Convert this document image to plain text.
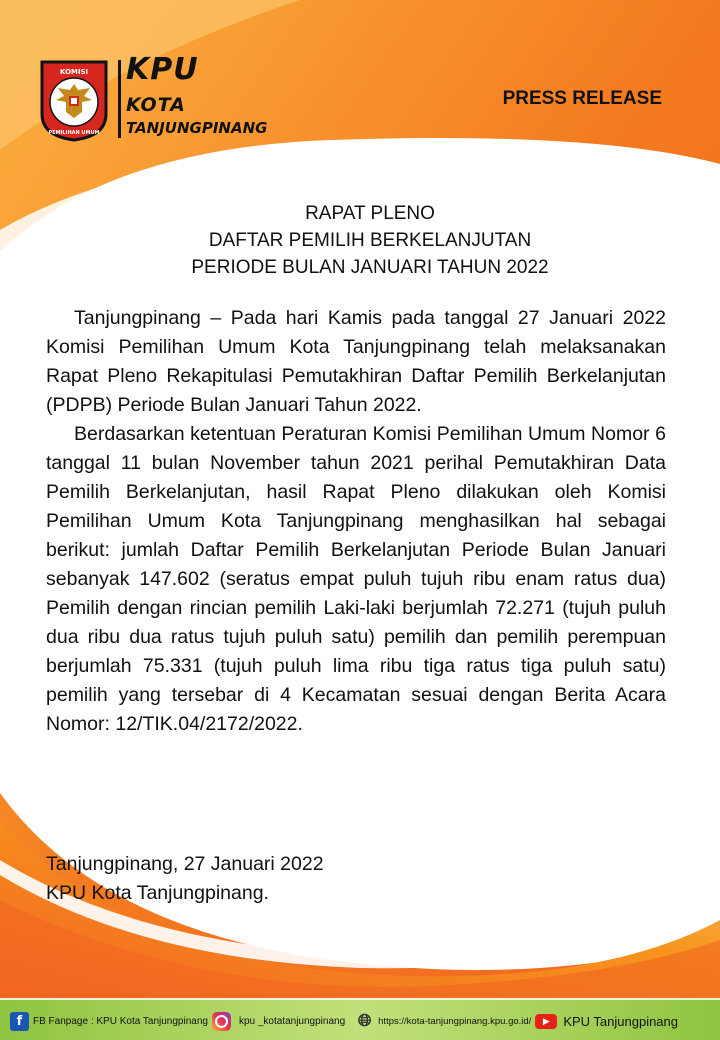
KOMISI
PEMILIHAN UMUM
KPU
KOTA
TANJUNGPINANG
PRESS RELEASE
RAPAT PLENO
DAFTAR PEMILIH BERKELANJUTAN
PERIODE BULAN JANUARI TAHUN 2022

Tanjungpinang – Pada hari Kamis pada tanggal 27 Januari 2022 Komisi Pemilihan Umum Kota Tanjungpinang telah melaksanakan Rapat Pleno Rekapitulasi Pemutakhiran Daftar Pemilih Berkelanjutan (PDPB) Periode Bulan Januari Tahun 2022.

Berdasarkan ketentuan Peraturan Komisi Pemilihan Umum Nomor 6 tanggal 11 bulan November tahun 2021 perihal Pemutakhiran Data Pemilih Berkelanjutan, hasil Rapat Pleno dilakukan oleh Komisi Pemilihan Umum Kota Tanjungpinang menghasilkan hal sebagai berikut: jumlah Daftar Pemilih Berkelanjutan Periode Bulan Januari sebanyak 147.602 (seratus empat puluh tujuh ribu enam ratus dua) Pemilih dengan rincian pemilih Laki-laki berjumlah 72.271 (tujuh puluh dua ribu dua ratus tujuh puluh satu) pemilih dan pemilih perempuan berjumlah 75.331 (tujuh puluh lima ribu tiga ratus tiga puluh satu) pemilih yang tersebar di 4 Kecamatan sesuai dengan Berita Acara Nomor: 12/TIK.04/2172/2022.

Tanjungpinang, 27 Januari 2022
KPU Kota Tanjungpinang.
f	FB Fanpage : KPU Kota Tanjungpinang	kpu _kotatanjungpinang 🌐︎ https://kota-tanjungpinang.kpu.go.id/	▶	KPU Tanjungpinang
